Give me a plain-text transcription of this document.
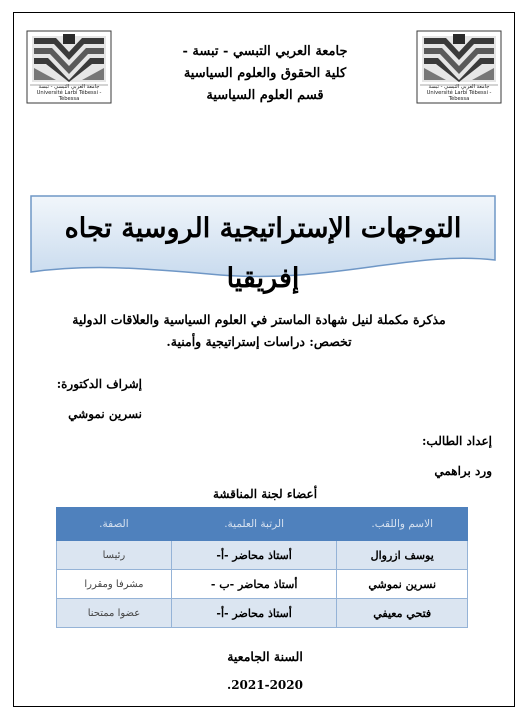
جامعة العربي التبسي - تبسة
Université Larbi Tébessi - Tébessa
جامعة العربي التبسي - تبسة
Université Larbi Tébessi - Tébessa
جامعة العربي التبسي - تبسة -
كلية الحقوق والعلوم السياسية
قسم العلوم السياسية
التوجهات الإستراتيجية الروسية تجاه إفريقيا
مذكرة مكملة لنيل شهادة الماستر في العلوم السياسية والعلاقات الدولية
تخصص: دراسات إستراتيجية وأمنية.
إشراف الدكتورة:
نسرين نموشي
إعداد الطالب:
ورد براهمي
أعضاء لجنة المناقشة
الاسم واللقب.	الرتبة العلمية.	الصفة.
يوسف ازروال	أستاذ محاضر -أ-	رئيسا
نسرين نموشي	أستاذ محاضر -ب -	مشرفا ومقررا
فتحي معيفي	أستاذ محاضر -أ-	عضوا ممتحنا
السنة الجامعية
2021-2020.
